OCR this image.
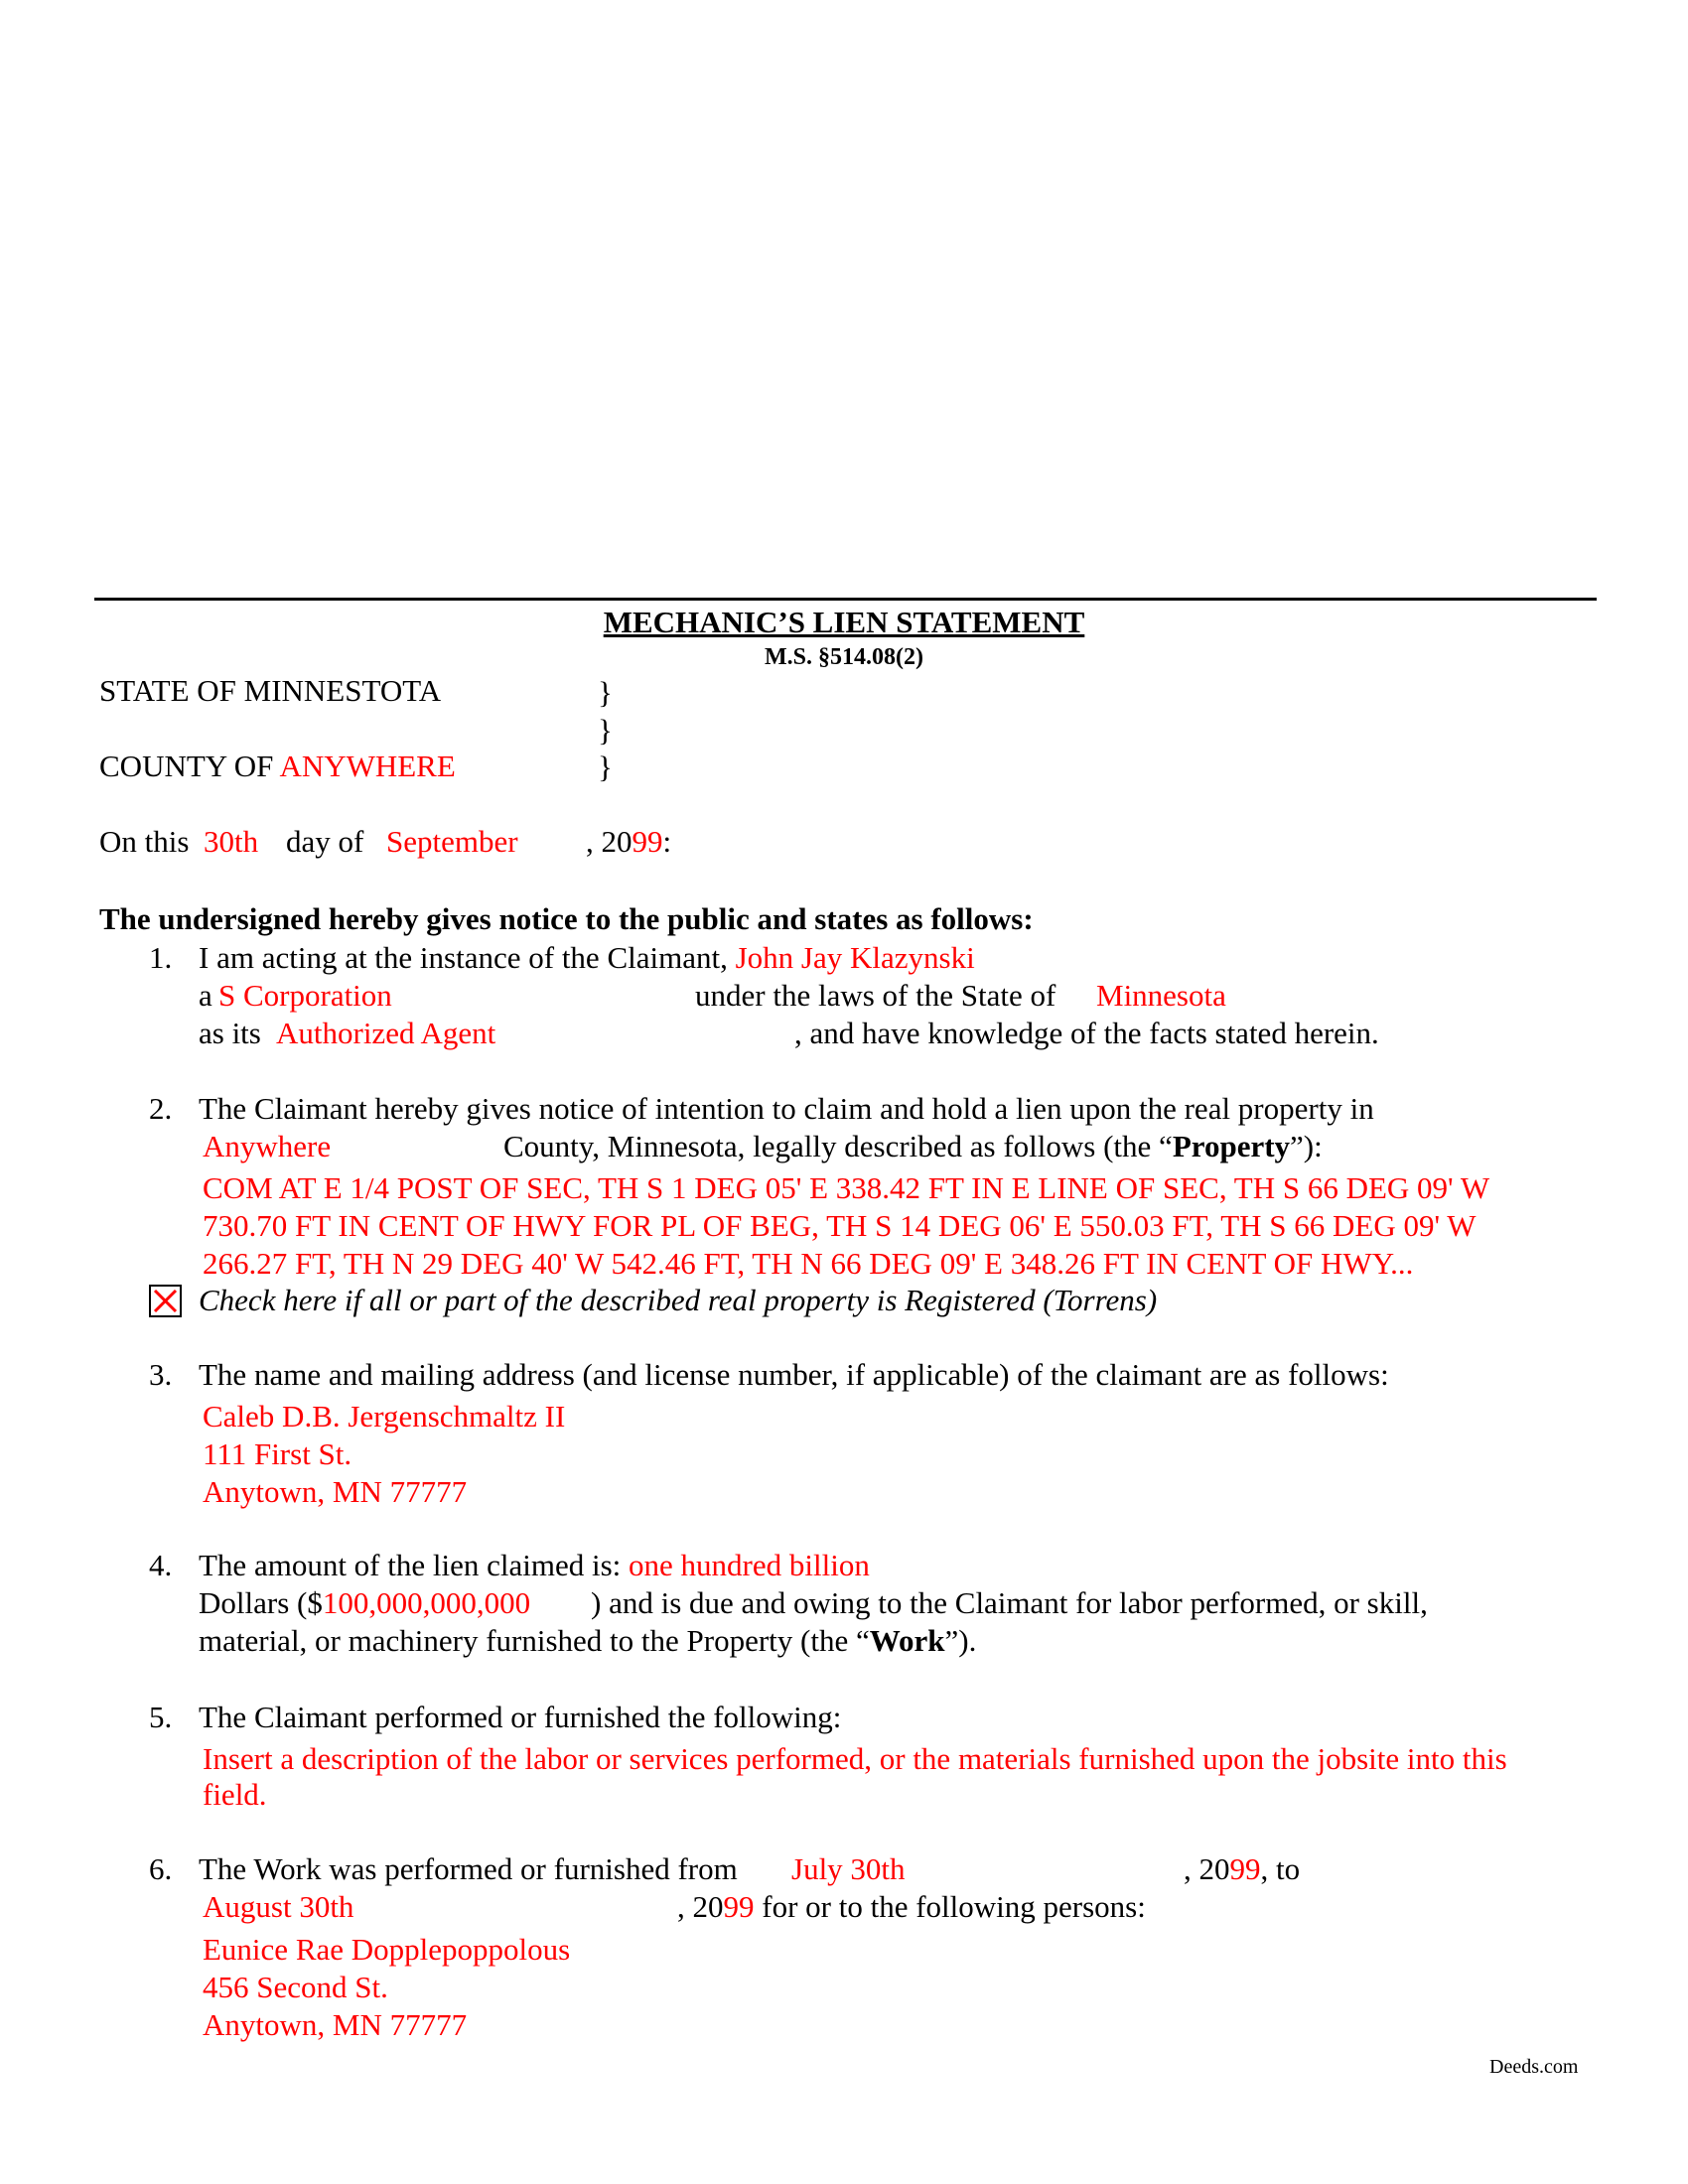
MECHANIC’S LIEN STATEMENT
M.S. §514.08(2)
STATE OF MINNESTOTA	}
}
}
COUNTY OF ANYWHERE
On this 30th day of September , 2099:
The undersigned hereby gives notice to the public and states as follows:
1. I am acting at the instance of the Claimant, John Jay Klazynski
a S Corporation	under the laws of the State of Minnesota
as its Authorized Agent	, and have knowledge of the facts stated herein.
2. The Claimant hereby gives notice of intention to claim and hold a lien upon the real property in
Anywhere	County, Minnesota, legally described as follows (the “Property”):
COM AT E 1/4 POST OF SEC, TH S 1 DEG 05' E 338.42 FT IN E LINE OF SEC, TH S 66 DEG 09' W
730.70 FT IN CENT OF HWY FOR PL OF BEG, TH S 14 DEG 06' E 550.03 FT, TH S 66 DEG 09' W
266.27 FT, TH N 29 DEG 40' W 542.46 FT, TH N 66 DEG 09' E 348.26 FT IN CENT OF HWY...
Check here if all or part of the described real property is Registered (Torrens)
3. The name and mailing address (and license number, if applicable) of the claimant are as follows:
Caleb D.B. Jergenschmaltz II
111 First St.
Anytown, MN 77777
4. The amount of the lien claimed is: one hundred billion
Dollars ($100,000,000,000 ) and is due and owing to the Claimant for labor performed, or skill,
material, or machinery furnished to the Property (the “Work”).
5. The Claimant performed or furnished the following:
Insert a description of the labor or services performed, or the materials furnished upon the jobsite into this
field.
6. The Work was performed or furnished from July 30th	, 2099, to
August 30th	, 2099 for or to the following persons:
Eunice Rae Dopplepoppolous
456 Second St.
Anytown, MN 77777
Deeds.com
